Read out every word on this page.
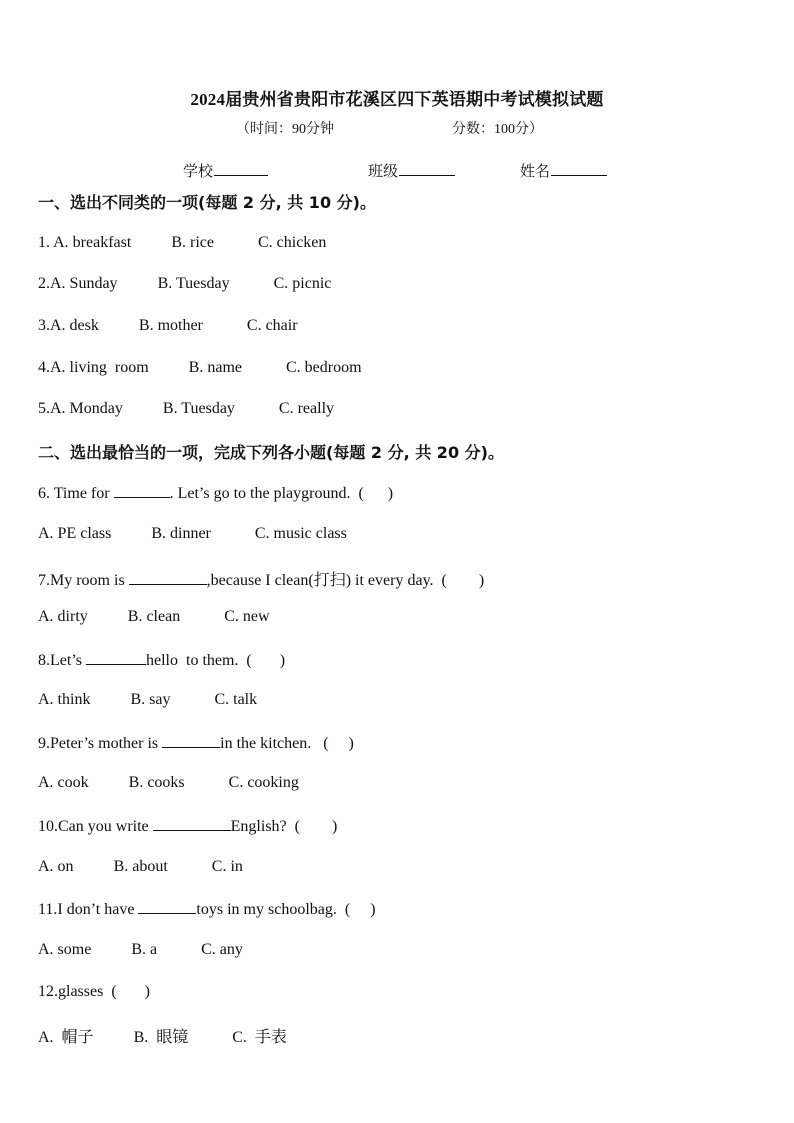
2024届贵州省贵阳市花溪区四下英语期中考试模拟试题
（时间：90分钟	分数：100分）
学校	班级	姓名
一、选出不同类的一项(每题 2 分, 共 10 分)。
1. A. breakfast	B. rice	C. chicken
2.A. Sunday	B. Tuesday	C. picnic
3.A. desk	B. mother	C. chair
4.A. living  room	B. name	C. bedroom
5.A. Monday	B. Tuesday	C. really
二、选出最恰当的一项，完成下列各小题(每题 2 分, 共 20 分)。
6. Time for	. Let’s go to the playground.  (      )
A. PE class	B. dinner	C. music class
7.My room is	,because I clean(打扫) it every day.  (        )
A. dirty	B. clean	C. new
8.Let’s	hello  to them.  (       )
A. think	B. say	C. talk
9.Peter’s mother is	in the kitchen.   (     )
A. cook	B. cooks	C. cooking
10.Can you write	English?  (        )
A. on	B. about	C. in
11.I don’t have	toys in my schoolbag.  (     )
A. some	B. a	C. any
12.glasses  (       )
A.  帽子	B.  眼镜	C.  手表
